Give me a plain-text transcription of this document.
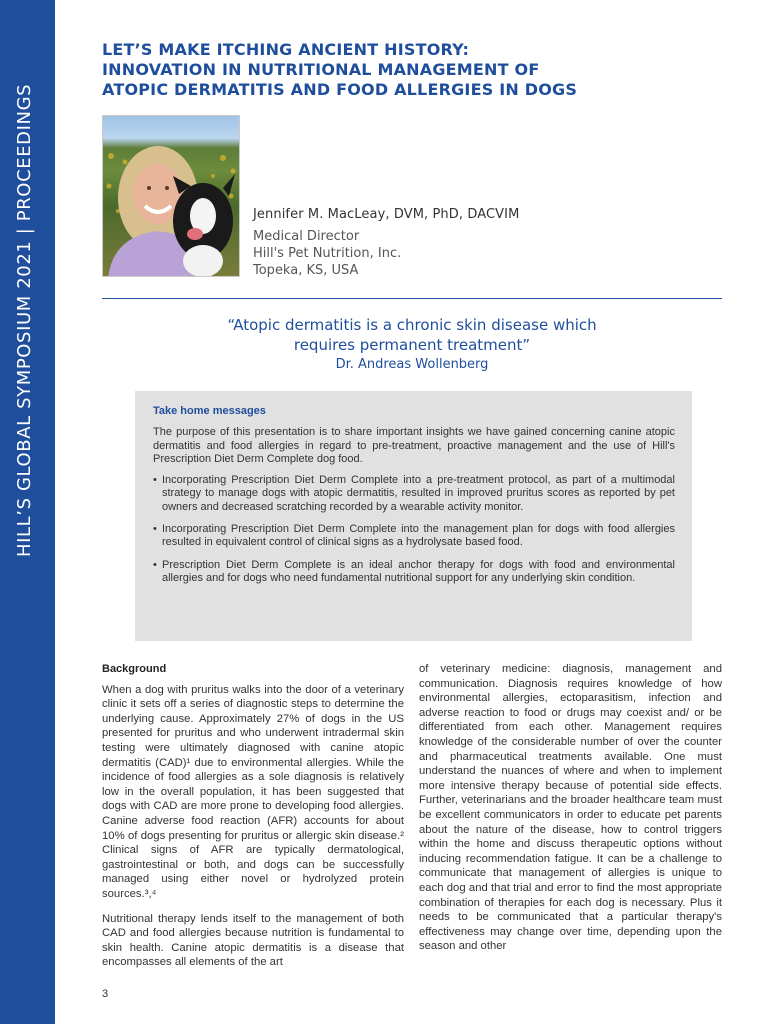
HILL’S GLOBAL SYMPOSIUM 2021 | PROCEEDINGS
LET’S MAKE ITCHING ANCIENT HISTORY:
INNOVATION IN NUTRITIONAL MANAGEMENT OF
ATOPIC DERMATITIS AND FOOD ALLERGIES IN DOGS
Jennifer M. MacLeay, DVM, PhD, DACVIM
Medical Director
Hill's Pet Nutrition, Inc.
Topeka, KS, USA
“Atopic dermatitis is a chronic skin disease which
requires permanent treatment”
Dr. Andreas Wollenberg
Take home messages
The purpose of this presentation is to share important insights we have gained concerning canine atopic dermatitis and food allergies in regard to pre-treatment, proactive management and the use of Hill's Prescription Diet Derm Complete dog food.
• Incorporating Prescription Diet Derm Complete into a pre-treatment protocol, as part of a multimodal strategy to manage dogs with atopic dermatitis, resulted in improved pruritus scores as reported by pet owners and decreased scratching recorded by a wearable activity monitor.
• Incorporating Prescription Diet Derm Complete into the management plan for dogs with food allergies resulted in equivalent control of clinical signs as a hydrolysate based food.
• Prescription Diet Derm Complete is an ideal anchor therapy for dogs with food and environmental allergies and for dogs who need fundamental nutritional support for any underlying skin condition.
Background

When a dog with pruritus walks into the door of a veterinary clinic it sets off a series of diagnostic steps to determine the underlying cause. Approximately 27% of dogs in the US presented for pruritus and who underwent intradermal skin testing were ultimately diagnosed with canine atopic dermatitis (CAD)¹ due to environmental allergies. While the incidence of food allergies as a sole diagnosis is relatively low in the overall population, it has been suggested that dogs with CAD are more prone to developing food allergies. Canine adverse food reaction (AFR) accounts for about 10% of dogs presenting for pruritus or allergic skin disease.² Clinical signs of AFR are typically dermatological, gastrointestinal or both, and dogs can be successfully managed using either novel or hydrolyzed protein sources.³,⁴

Nutritional therapy lends itself to the management of both CAD and food allergies because nutrition is fundamental to skin health. Canine atopic dermatitis is a disease that encompasses all elements of the art

of veterinary medicine: diagnosis, management and communication. Diagnosis requires knowledge of how environmental allergies, ectoparasitism, infection and adverse reaction to food or drugs may coexist and/ or be differentiated from each other. Management requires knowledge of the considerable number of over the counter and pharmaceutical treatments available. One must understand the nuances of where and when to implement more intensive therapy because of potential side effects. Further, veterinarians and the broader healthcare team must be excellent communicators in order to educate pet parents about the nature of the disease, how to control triggers within the home and discuss therapeutic options without inducing recommendation fatigue. It can be a challenge to communicate that management of allergies is unique to each dog and that trial and error to find the most appropriate combination of therapies for each dog is necessary. Plus it needs to be communicated that a particular therapy's effectiveness may change over time, depending upon the season and other

3
